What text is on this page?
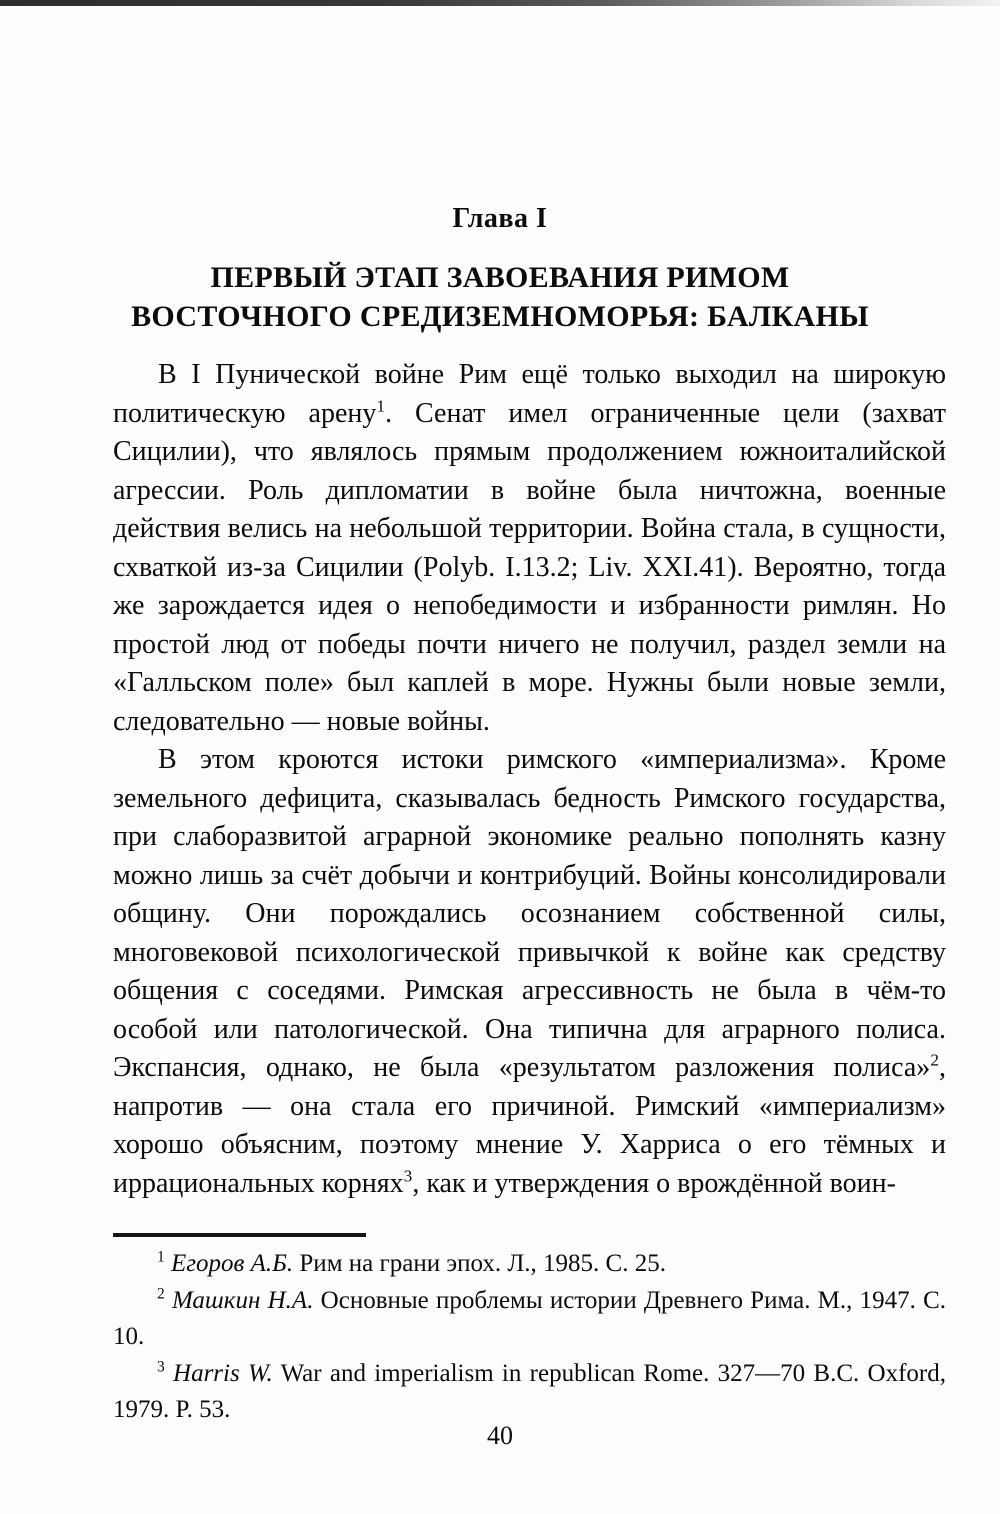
Глава I
ПЕРВЫЙ ЭТАП ЗАВОЕВАНИЯ РИМОМ
ВОСТОЧНОГО СРЕДИЗЕМНОМОРЬЯ: БАЛКАНЫ

В I Пунической войне Рим ещё только выходил на широкую политическую арену$^1$. Сенат имел ограниченные цели (захват Сицилии), что являлось прямым продолжением южноиталийской агрессии. Роль дипломатии в войне была ничтожна, военные действия велись на небольшой территории. Война стала, в сущности, схваткой из-за Сицилии (Polyb. I.13.2; Liv. XXI.41). Вероятно, тогда же зарождается идея о непобедимости и избранности римлян. Но простой люд от победы почти ничего не получил, раздел земли на «Галльском поле» был каплей в море. Нужны были новые земли, следовательно — новые войны.

В этом кроются истоки римского «империализма». Кроме земельного дефицита, сказывалась бедность Римского государства, при слаборазвитой аграрной экономике реально пополнять казну можно лишь за счёт добычи и контрибуций. Войны консолидировали общину. Они порождались осознанием собственной силы, многовековой психологической привычкой к войне как средству общения с соседями. Римская агрессивность не была в чём-то особой или патологической. Она типична для аграрного полиса. Экспансия, однако, не была «результатом разложения полиса»$^2$, напротив — она стала его причиной. Римский «империализм» хорошо объясним, поэтому мнение У. Харриса о его тёмных и иррациональных корнях$^3$, как и утверждения о врождённой воин-

$^1$ Егоров А.Б. Рим на грани эпох. Л., 1985. С. 25.

$^2$ Машкин Н.А. Основные проблемы истории Древнего Рима. М., 1947. С. 10.

$^3$ Harris W. War and imperialism in republican Rome. 327—70 B.C. Oxford, 1979. P. 53.

40
